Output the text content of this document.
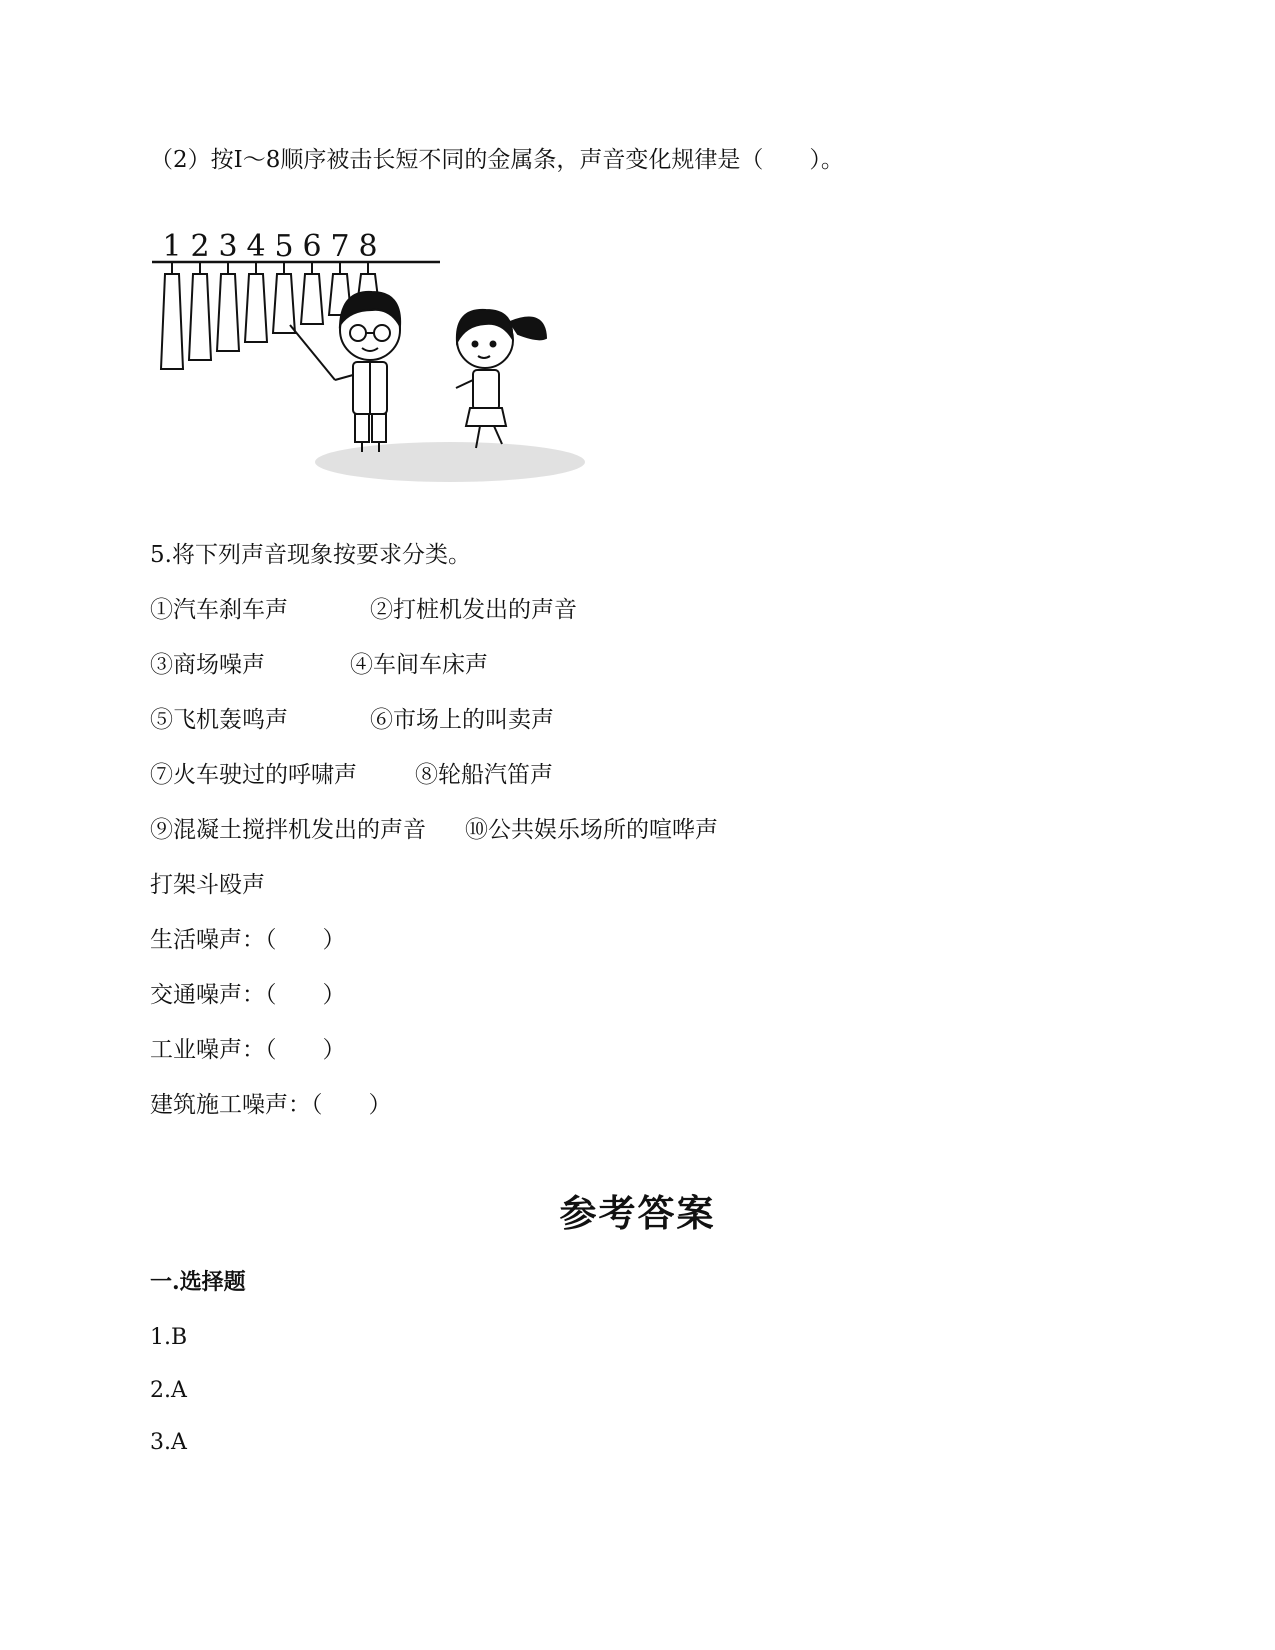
（2）按I～8顺序被击长短不同的金属条，声音变化规律是（　　）。
1 2 3 4 5 6 7 8
5.将下列声音现象按要求分类。
①汽车刹车声	②打桩机发出的声音
③商场噪声	④车间车床声
⑤飞机轰鸣声	⑥市场上的叫卖声
⑦火车驶过的呼啸声	⑧轮船汽笛声
⑨混凝土搅拌机发出的声音 ⑩公共娱乐场所的喧哗声
打架斗殴声
生活噪声：（　　）
交通噪声：（　　）
工业噪声：（　　）
建筑施工噪声：（　　）
参考答案
一.选择题
1.B
2.A
3.A
